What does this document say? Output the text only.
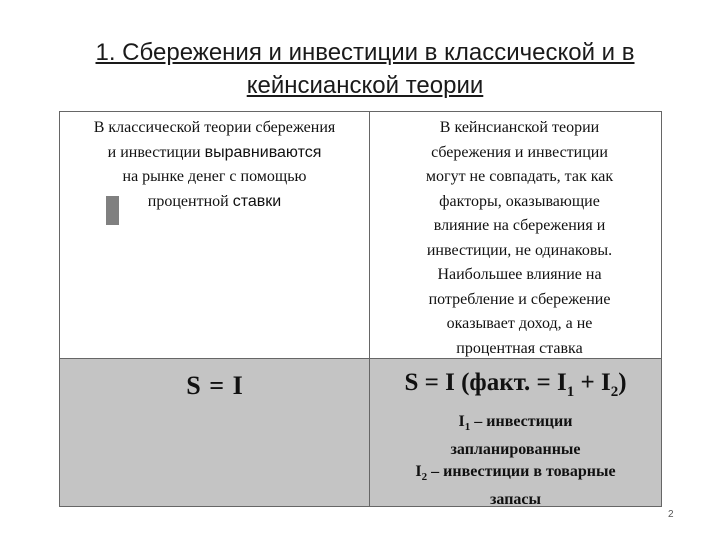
1. Сбережения и инвестиции в классической и в кейнсианской теории
В классической теории сбережения
и инвестиции выравниваются
на рынке денег с помощью
процентной ставки
В кейнсианской теории
сбережения и инвестиции
могут не совпадать, так как
факторы, оказывающие
влияние на сбережения и
инвестиции, не одинаковы.
Наибольшее влияние на
потребление и сбережение
оказывает доход, а не
процентная ставка
S = I	S = I (факт. = $I_1 + I_2$)
$I_1$ – инвестиции
запланированные
$I_2$ – инвестиции в товарные
запасы
2
